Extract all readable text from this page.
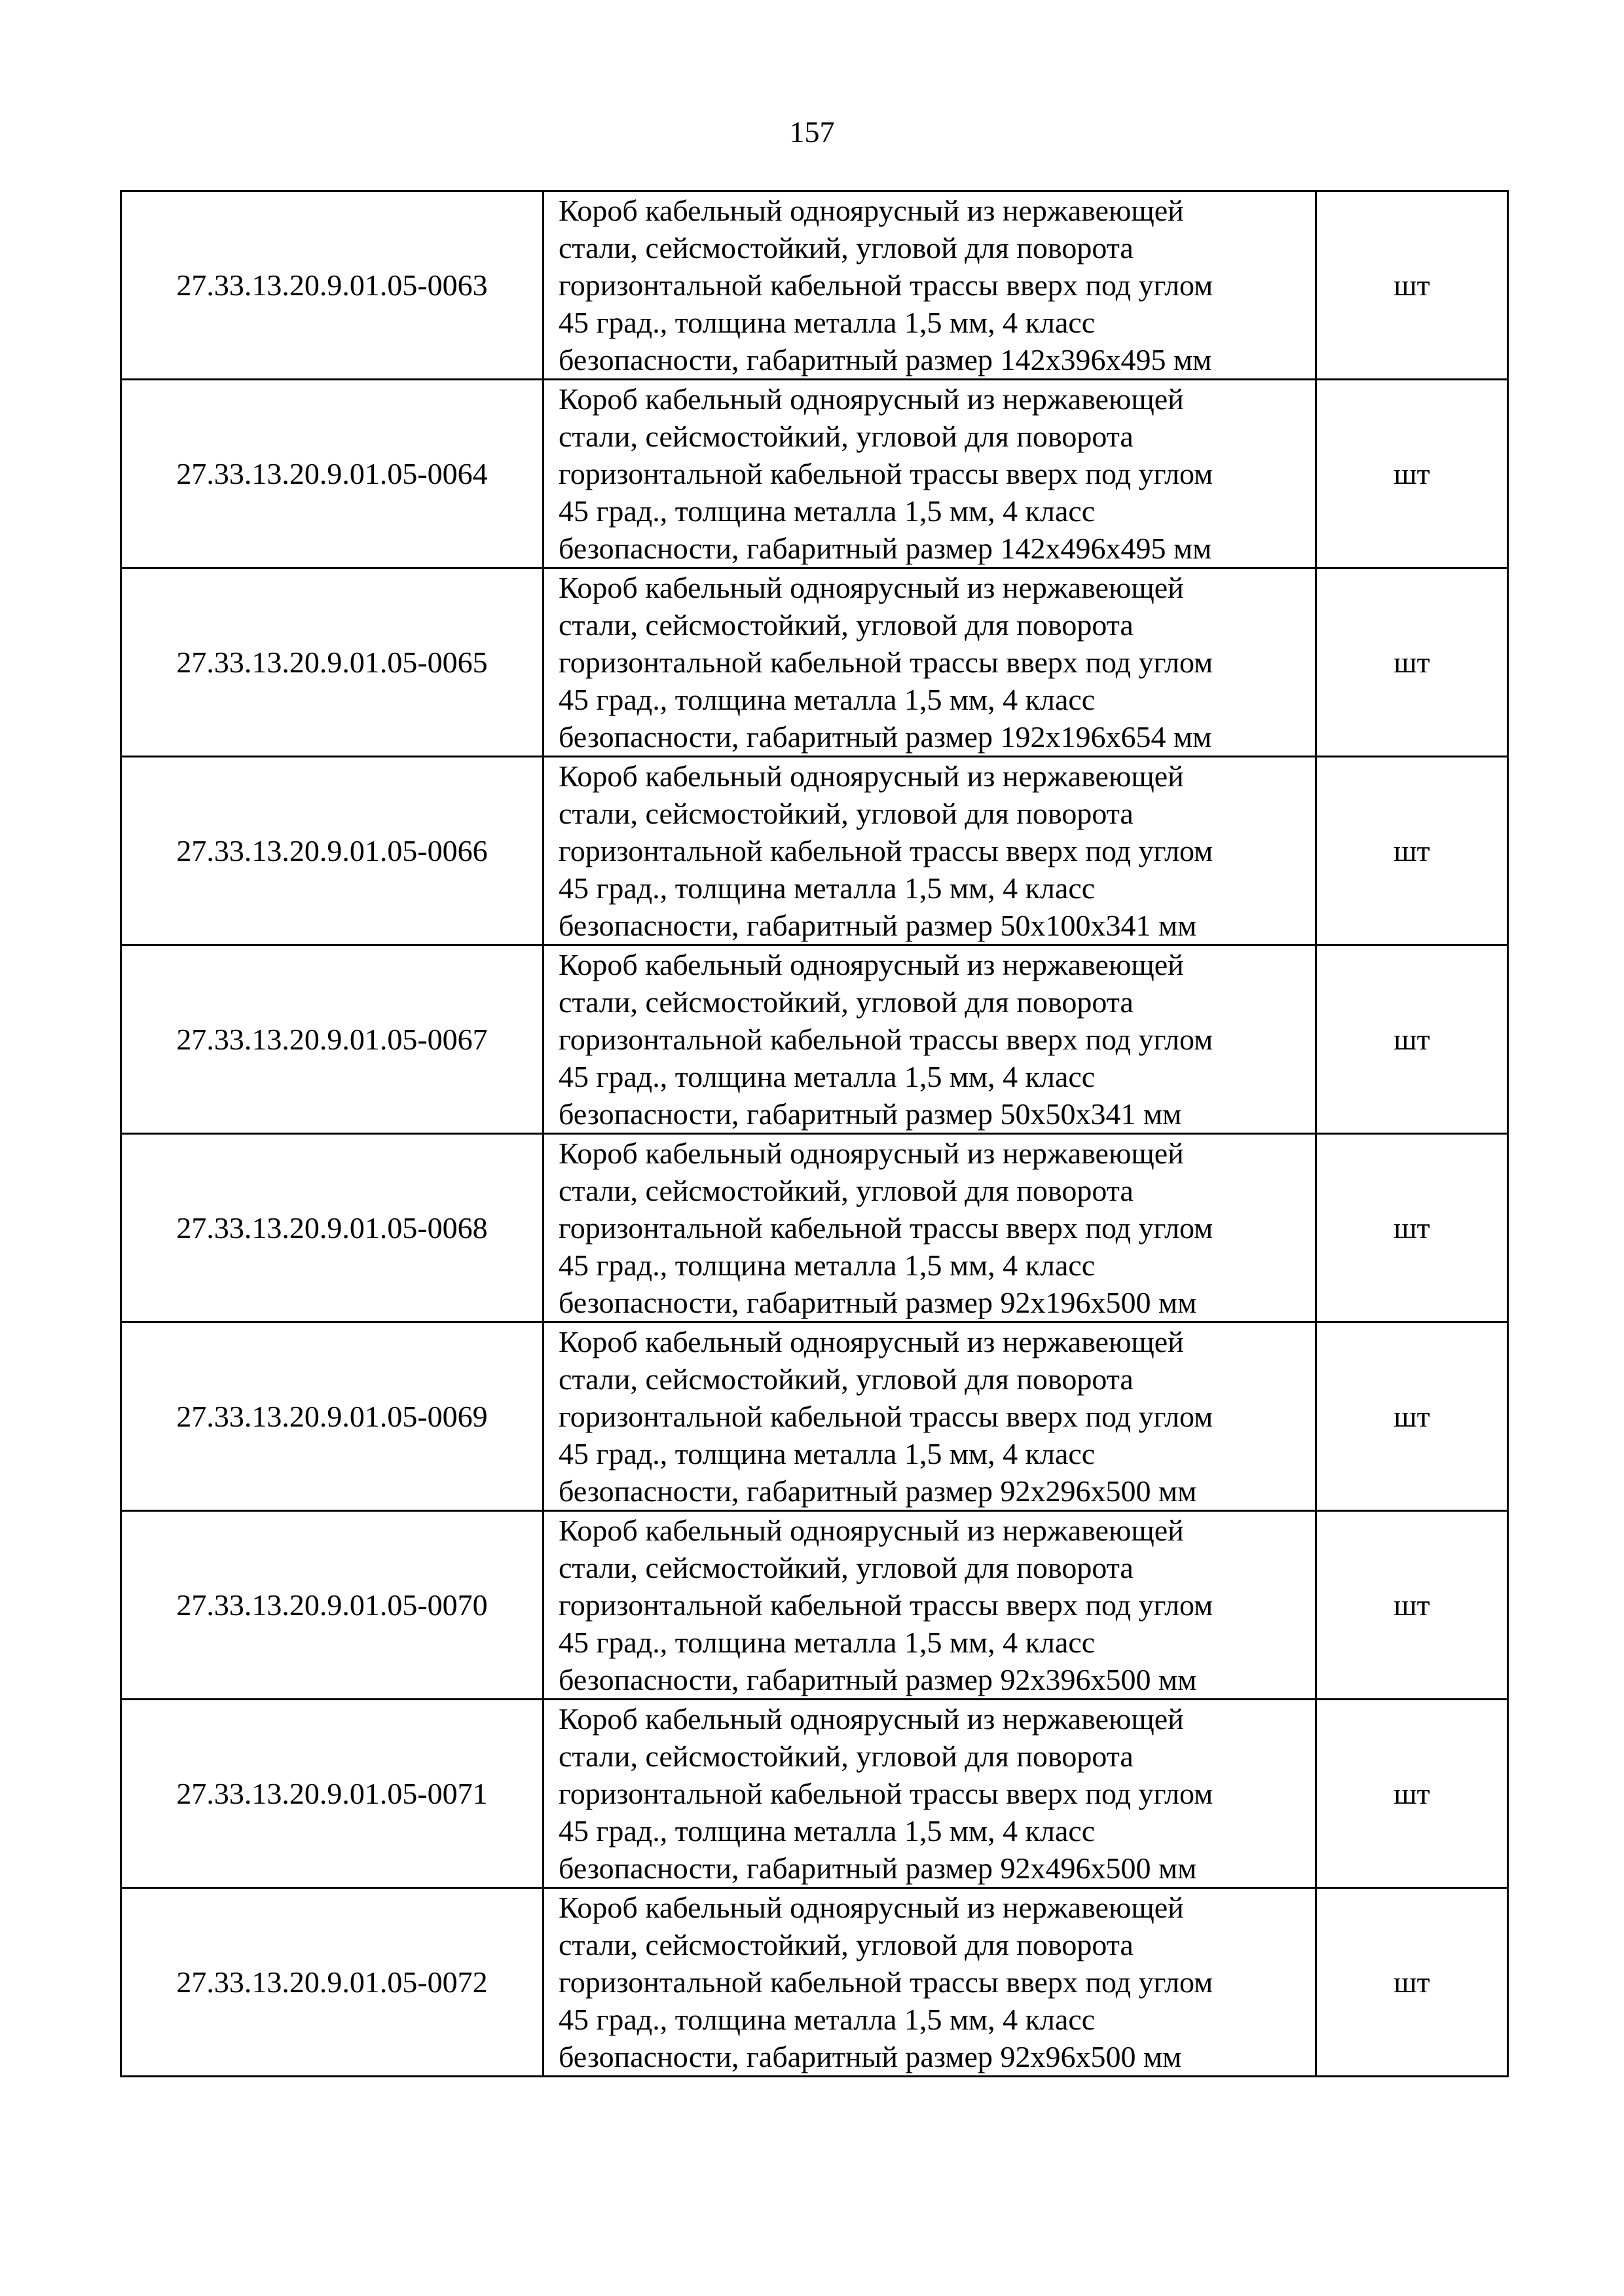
157
27.33.13.20.9.01.05-0063	Короб кабельный одноярусный из нержавеющей
стали, сейсмостойкий, угловой для поворота
горизонтальной кабельной трассы вверх под углом
45 град., толщина металла 1,5 мм, 4 класс
безопасности, габаритный размер 142х396х495 мм	шт
27.33.13.20.9.01.05-0064	Короб кабельный одноярусный из нержавеющей
стали, сейсмостойкий, угловой для поворота
горизонтальной кабельной трассы вверх под углом
45 град., толщина металла 1,5 мм, 4 класс
безопасности, габаритный размер 142х496х495 мм	шт
27.33.13.20.9.01.05-0065	Короб кабельный одноярусный из нержавеющей
стали, сейсмостойкий, угловой для поворота
горизонтальной кабельной трассы вверх под углом
45 град., толщина металла 1,5 мм, 4 класс
безопасности, габаритный размер 192х196х654 мм	шт
27.33.13.20.9.01.05-0066	Короб кабельный одноярусный из нержавеющей
стали, сейсмостойкий, угловой для поворота
горизонтальной кабельной трассы вверх под углом
45 град., толщина металла 1,5 мм, 4 класс
безопасности, габаритный размер 50х100х341 мм	шт
27.33.13.20.9.01.05-0067	Короб кабельный одноярусный из нержавеющей
стали, сейсмостойкий, угловой для поворота
горизонтальной кабельной трассы вверх под углом
45 град., толщина металла 1,5 мм, 4 класс
безопасности, габаритный размер 50х50х341 мм	шт
27.33.13.20.9.01.05-0068	Короб кабельный одноярусный из нержавеющей
стали, сейсмостойкий, угловой для поворота
горизонтальной кабельной трассы вверх под углом
45 град., толщина металла 1,5 мм, 4 класс
безопасности, габаритный размер 92х196х500 мм	шт
27.33.13.20.9.01.05-0069	Короб кабельный одноярусный из нержавеющей
стали, сейсмостойкий, угловой для поворота
горизонтальной кабельной трассы вверх под углом
45 град., толщина металла 1,5 мм, 4 класс
безопасности, габаритный размер 92х296х500 мм	шт
27.33.13.20.9.01.05-0070	Короб кабельный одноярусный из нержавеющей
стали, сейсмостойкий, угловой для поворота
горизонтальной кабельной трассы вверх под углом
45 град., толщина металла 1,5 мм, 4 класс
безопасности, габаритный размер 92х396х500 мм	шт
27.33.13.20.9.01.05-0071	Короб кабельный одноярусный из нержавеющей
стали, сейсмостойкий, угловой для поворота
горизонтальной кабельной трассы вверх под углом
45 град., толщина металла 1,5 мм, 4 класс
безопасности, габаритный размер 92х496х500 мм	шт
27.33.13.20.9.01.05-0072	Короб кабельный одноярусный из нержавеющей
стали, сейсмостойкий, угловой для поворота
горизонтальной кабельной трассы вверх под углом
45 град., толщина металла 1,5 мм, 4 класс
безопасности, габаритный размер 92х96х500 мм	шт
